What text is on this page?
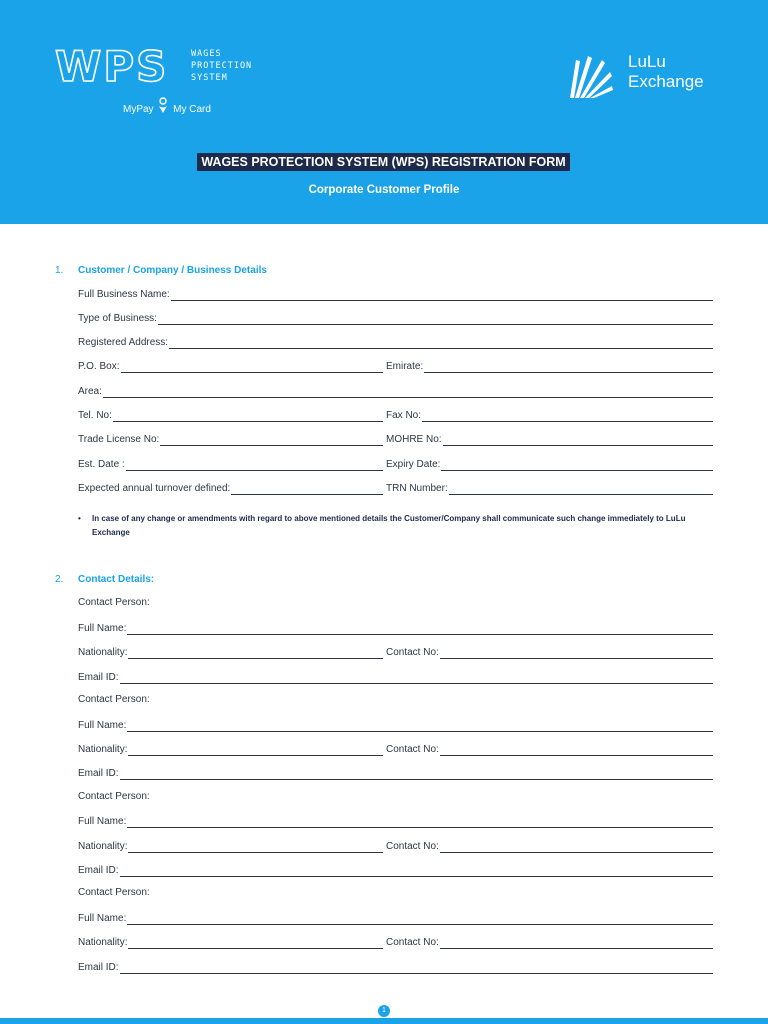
WPS	WAGES
PROTECTION
SYSTEM
MyPay My Card
LuLu
Exchange
WAGES PROTECTION SYSTEM (WPS) REGISTRATION FORM
Corporate Customer Profile
1. Customer / Company / Business Details
Full Business Name:
Type of Business:
Registered Address:
P.O. Box:	Emirate:
Area:
Tel. No:	Fax No:
Trade License No:	MOHRE No:
Est. Date :	Expiry Date:
Expected annual turnover defined:	TRN Number:
• In case of any change or amendments with regard to above mentioned details the Customer/Company shall communicate such change immediately to LuLu Exchange
2. Contact Details:
Contact Person:
Full Name:
Nationality:	Contact No:
Email ID:
Contact Person:
Full Name:
Nationality:	Contact No:
Email ID:
Contact Person:
Full Name:
Nationality:	Contact No:
Email ID:
Contact Person:
Full Name:
Nationality:	Contact No:
Email ID:
1
